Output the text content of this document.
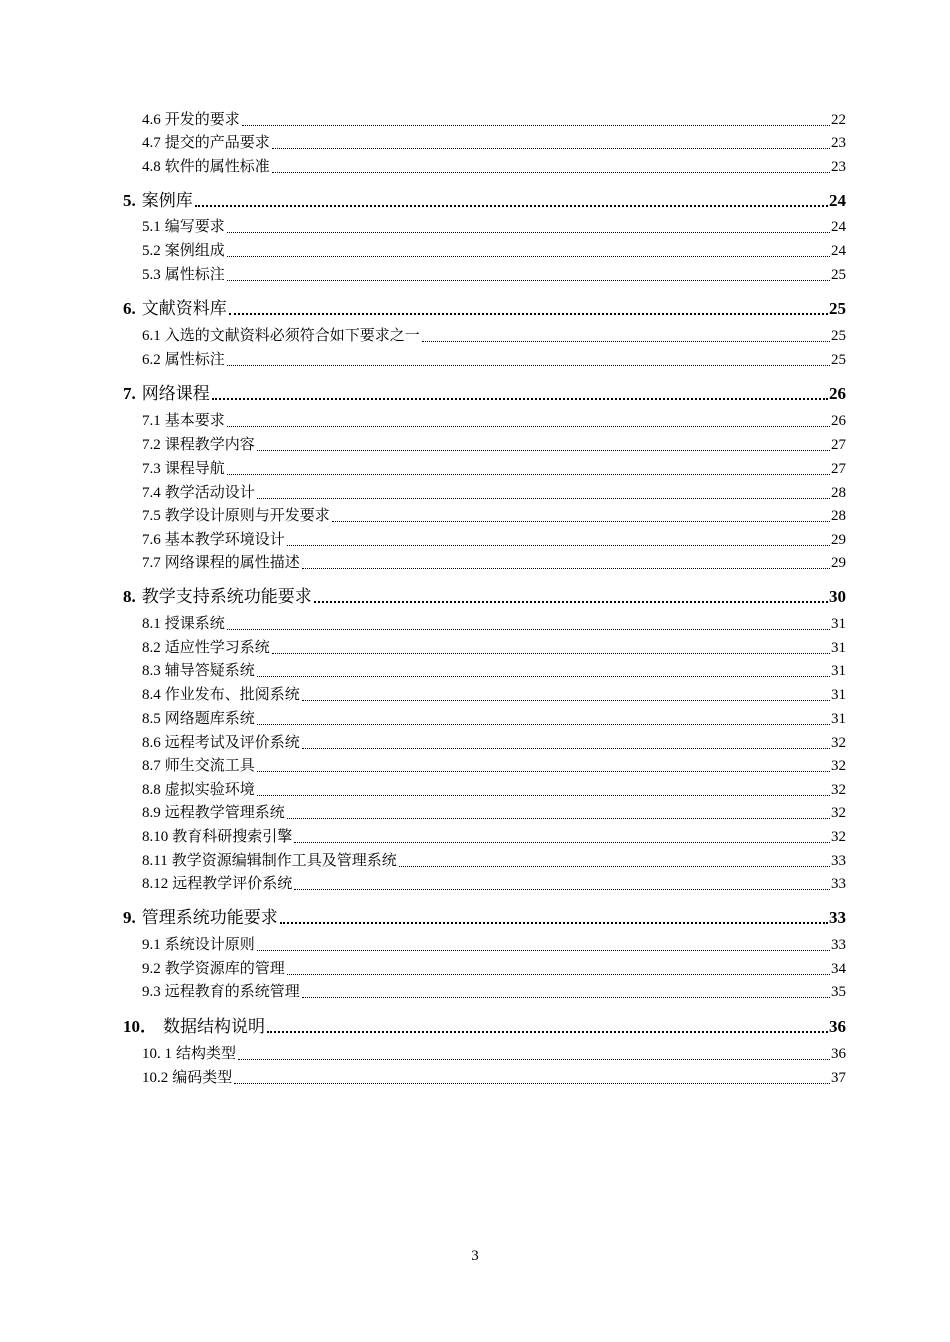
4.6 开发的要求	22
4.7 提交的产品要求	23
4.8 软件的属性标准	23
5. 案例库	24
5.1 编写要求	24
5.2 案例组成	24
5.3 属性标注	25
6. 文献资料库	25
6.1 入选的文献资料必须符合如下要求之一	25
6.2 属性标注	25
7. 网络课程	26
7.1 基本要求	26
7.2 课程教学内容	27
7.3 课程导航	27
7.4 教学活动设计	28
7.5 教学设计原则与开发要求	28
7.6 基本教学环境设计	29
7.7 网络课程的属性描述	29
8. 教学支持系统功能要求	30
8.1 授课系统	31
8.2 适应性学习系统	31
8.3 辅导答疑系统	31
8.4 作业发布、批阅系统	31
8.5 网络题库系统	31
8.6 远程考试及评价系统	32
8.7 师生交流工具	32
8.8 虚拟实验环境	32
8.9 远程教学管理系统	32
8.10 教育科研搜索引擎	32
8.11 教学资源编辑制作工具及管理系统	33
8.12 远程教学评价系统	33
9. 管理系统功能要求	33
9.1 系统设计原则	33
9.2 教学资源库的管理	34
9.3 远程教育的系统管理	35
10． 数据结构说明	36
10. 1 结构类型	36
10.2 编码类型	37
3
